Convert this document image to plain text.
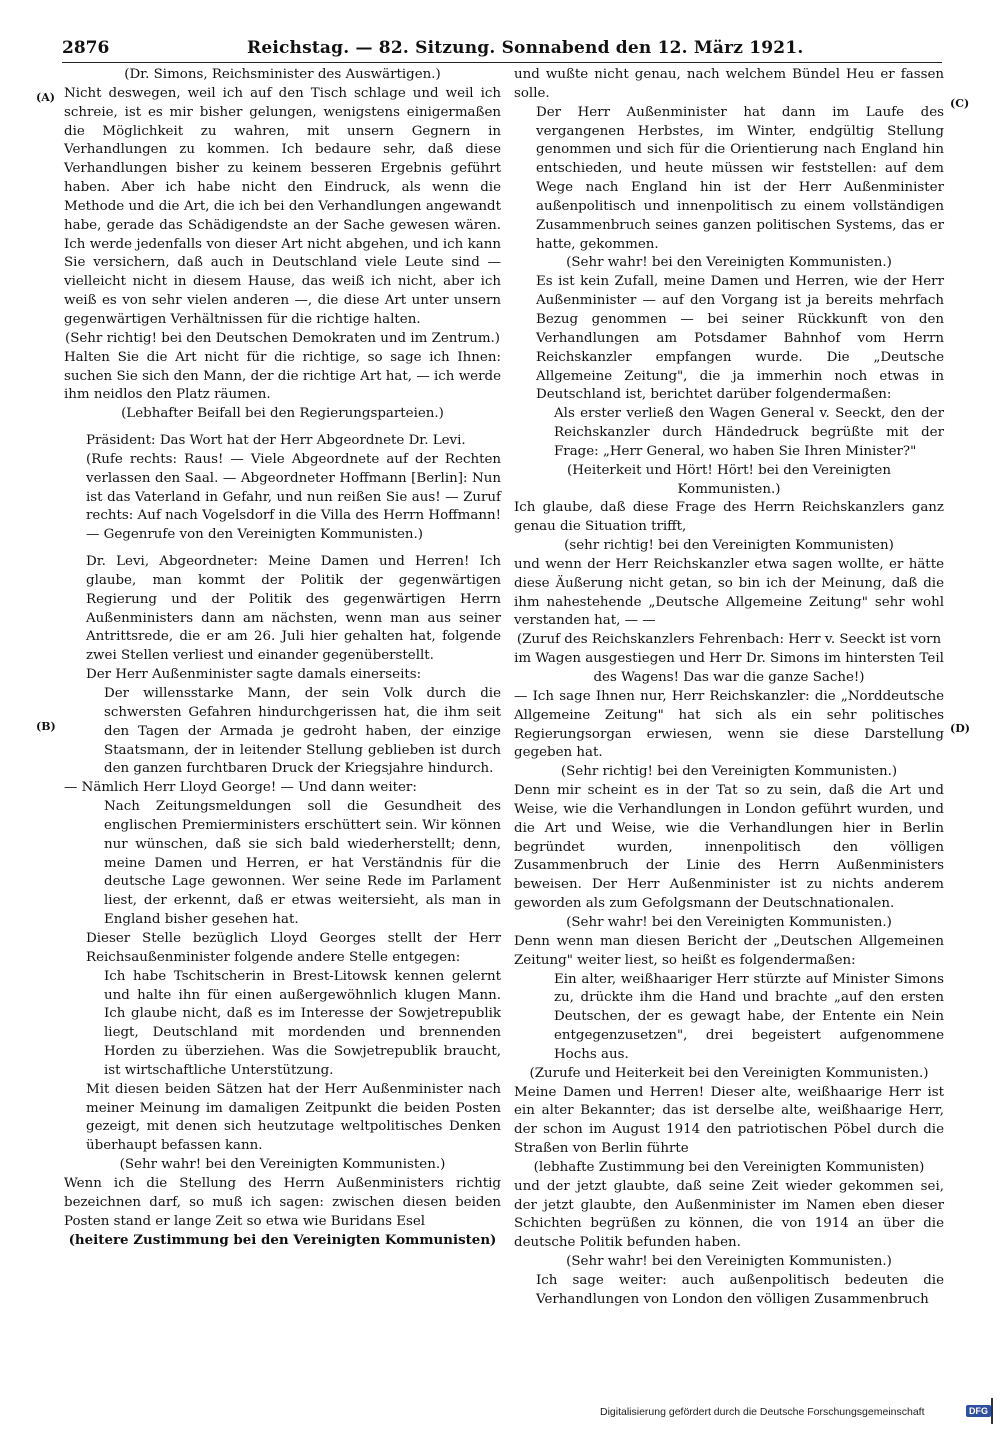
2876	Reichstag. — 82. Sitzung. Sonnabend den 12. März 1921.
(A)
(B)
(C)
(D)

(Dr. Simons, Reichsminister des Auswärtigen.)

Nicht deswegen, weil ich auf den Tisch schlage und weil ich schreie, ist es mir bisher gelungen, wenigstens einigermaßen die Möglichkeit zu wahren, mit unsern Gegnern in Verhandlungen zu kommen. Ich bedaure sehr, daß diese Verhandlungen bisher zu keinem besseren Ergebnis geführt haben. Aber ich habe nicht den Eindruck, als wenn die Methode und die Art, die ich bei den Verhandlungen angewandt habe, gerade das Schädigendste an der Sache gewesen wären. Ich werde jedenfalls von dieser Art nicht abgehen, und ich kann Sie versichern, daß auch in Deutschland viele Leute sind — vielleicht nicht in diesem Hause, das weiß ich nicht, aber ich weiß es von sehr vielen anderen —, die diese Art unter unsern gegenwärtigen Verhältnissen für die richtige halten.

(Sehr richtig! bei den Deutschen Demokraten und im Zentrum.)

Halten Sie die Art nicht für die richtige, so sage ich Ihnen: suchen Sie sich den Mann, der die richtige Art hat, — ich werde ihm neidlos den Platz räumen.

(Lebhafter Beifall bei den Regierungsparteien.)

Präsident: Das Wort hat der Herr Abgeordnete Dr. Levi.

(Rufe rechts: Raus! — Viele Abgeordnete auf der Rechten verlassen den Saal. — Abgeordneter Hoffmann [Berlin]: Nun ist das Vaterland in Gefahr, und nun reißen Sie aus! — Zuruf rechts: Auf nach Vogelsdorf in die Villa des Herrn Hoffmann! — Gegenrufe von den Vereinigten Kommunisten.)

Dr. Levi, Abgeordneter: Meine Damen und Herren! Ich glaube, man kommt der Politik der gegenwärtigen Regierung und der Politik des gegenwärtigen Herrn Außenministers dann am nächsten, wenn man aus seiner Antrittsrede, die er am 26. Juli hier gehalten hat, folgende zwei Stellen verliest und einander gegenüberstellt.

Der Herr Außenminister sagte damals einerseits:

Der willensstarke Mann, der sein Volk durch die schwersten Gefahren hindurchgerissen hat, die ihm seit den Tagen der Armada je gedroht haben, der einzige Staatsmann, der in leitender Stellung geblieben ist durch den ganzen furchtbaren Druck der Kriegsjahre hindurch.

— Nämlich Herr Lloyd George! — Und dann weiter:

Nach Zeitungsmeldungen soll die Gesundheit des englischen Premierministers erschüttert sein. Wir können nur wünschen, daß sie sich bald wiederherstellt; denn, meine Damen und Herren, er hat Verständnis für die deutsche Lage gewonnen. Wer seine Rede im Parlament liest, der erkennt, daß er etwas weitersieht, als man in England bisher gesehen hat.

Dieser Stelle bezüglich Lloyd Georges stellt der Herr Reichsaußenminister folgende andere Stelle entgegen:

Ich habe Tschitscherin in Brest-Litowsk kennen gelernt und halte ihn für einen außergewöhnlich klugen Mann. Ich glaube nicht, daß es im Interesse der Sowjetrepublik liegt, Deutschland mit mordenden und brennenden Horden zu überziehen. Was die Sowjetrepublik braucht, ist wirtschaftliche Unterstützung.

Mit diesen beiden Sätzen hat der Herr Außenminister nach meiner Meinung im damaligen Zeitpunkt die beiden Posten gezeigt, mit denen sich heutzutage weltpolitisches Denken überhaupt befassen kann.

(Sehr wahr! bei den Vereinigten Kommunisten.)

Wenn ich die Stellung des Herrn Außenministers richtig bezeichnen darf, so muß ich sagen: zwischen diesen beiden Posten stand er lange Zeit so etwa wie Buridans Esel

(heitere Zustimmung bei den Vereinigten Kommunisten)

und wußte nicht genau, nach welchem Bündel Heu er fassen solle.

Der Herr Außenminister hat dann im Laufe des vergangenen Herbstes, im Winter, endgültig Stellung genommen und sich für die Orientierung nach England hin entschieden, und heute müssen wir feststellen: auf dem Wege nach England hin ist der Herr Außenminister außenpolitisch und innenpolitisch zu einem vollständigen Zusammenbruch seines ganzen politischen Systems, das er hatte, gekommen.

(Sehr wahr! bei den Vereinigten Kommunisten.)

Es ist kein Zufall, meine Damen und Herren, wie der Herr Außenminister — auf den Vorgang ist ja bereits mehrfach Bezug genommen — bei seiner Rückkunft von den Verhandlungen am Potsdamer Bahnhof vom Herrn Reichskanzler empfangen wurde. Die „Deutsche Allgemeine Zeitung", die ja immerhin noch etwas in Deutschland ist, berichtet darüber folgendermaßen:

Als erster verließ den Wagen General v. Seeckt, den der Reichskanzler durch Händedruck begrüßte mit der Frage: „Herr General, wo haben Sie Ihren Minister?"

(Heiterkeit und Hört! Hört! bei den Vereinigten Kommunisten.)

Ich glaube, daß diese Frage des Herrn Reichskanzlers ganz genau die Situation trifft,

(sehr richtig! bei den Vereinigten Kommunisten)

und wenn der Herr Reichskanzler etwa sagen wollte, er hätte diese Äußerung nicht getan, so bin ich der Meinung, daß die ihm nahestehende „Deutsche Allgemeine Zeitung" sehr wohl verstanden hat, — —

(Zuruf des Reichskanzlers Fehrenbach: Herr v. Seeckt ist vorn im Wagen ausgestiegen und Herr Dr. Simons im hintersten Teil des Wagens! Das war die ganze Sache!)

— Ich sage Ihnen nur, Herr Reichskanzler: die „Norddeutsche Allgemeine Zeitung" hat sich als ein sehr politisches Regierungsorgan erwiesen, wenn sie diese Darstellung gegeben hat.

(Sehr richtig! bei den Vereinigten Kommunisten.)

Denn mir scheint es in der Tat so zu sein, daß die Art und Weise, wie die Verhandlungen in London geführt wurden, und die Art und Weise, wie die Verhandlungen hier in Berlin begründet wurden, innenpolitisch den völligen Zusammenbruch der Linie des Herrn Außenministers beweisen. Der Herr Außenminister ist zu nichts anderem geworden als zum Gefolgsmann der Deutschnationalen.

(Sehr wahr! bei den Vereinigten Kommunisten.)

Denn wenn man diesen Bericht der „Deutschen Allgemeinen Zeitung" weiter liest, so heißt es folgendermaßen:

Ein alter, weißhaariger Herr stürzte auf Minister Simons zu, drückte ihm die Hand und brachte „auf den ersten Deutschen, der es gewagt habe, der Entente ein Nein entgegenzusetzen", drei begeistert aufgenommene Hochs aus.

(Zurufe und Heiterkeit bei den Vereinigten Kommunisten.)

Meine Damen und Herren! Dieser alte, weißhaarige Herr ist ein alter Bekannter; das ist derselbe alte, weißhaarige Herr, der schon im August 1914 den patriotischen Pöbel durch die Straßen von Berlin führte

(lebhafte Zustimmung bei den Vereinigten Kommunisten)

und der jetzt glaubte, daß seine Zeit wieder gekommen sei, der jetzt glaubte, den Außenminister im Namen eben dieser Schichten begrüßen zu können, die von 1914 an über die deutsche Politik befunden haben.

(Sehr wahr! bei den Vereinigten Kommunisten.)

Ich sage weiter: auch außenpolitisch bedeuten die Verhandlungen von London den völligen Zusammenbruch

Digitalisierung gefördert durch die Deutsche Forschungsgemeinschaft	DFG
